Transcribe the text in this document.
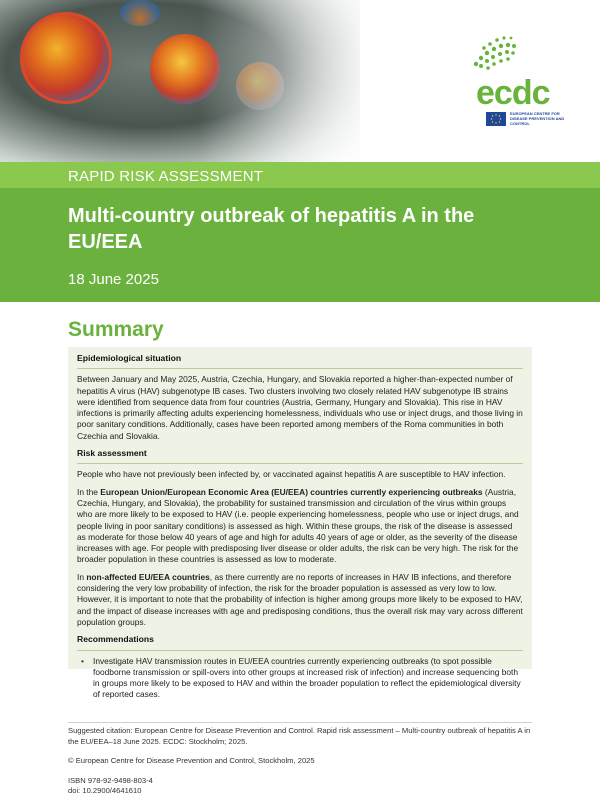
ecdc
EUROPEAN CENTRE FOR DISEASE PREVENTION AND CONTROL
RAPID RISK ASSESSMENT
Multi-country outbreak of hepatitis A in the EU/EEA
18 June 2025
Summary
Epidemiological situation

Between January and May 2025, Austria, Czechia, Hungary, and Slovakia reported a higher-than-expected number of hepatitis A virus (HAV) subgenotype IB cases. Two clusters involving two closely related HAV subgenotype IB strains were identified from sequence data from four countries (Austria, Germany, Hungary and Slovakia). This rise in HAV infections is primarily affecting adults experiencing homelessness, individuals who use or inject drugs, and those living in poor sanitary conditions. Additionally, cases have been reported among members of the Roma communities in both Czechia and Slovakia.

Risk assessment

People who have not previously been infected by, or vaccinated against hepatitis A are susceptible to HAV infection.

In the European Union/European Economic Area (EU/EEA) countries currently experiencing outbreaks (Austria, Czechia, Hungary, and Slovakia), the probability for sustained transmission and circulation of the virus within groups who are more likely to be exposed to HAV (i.e. people experiencing homelessness, people who use or inject drugs, and people living in poor sanitary conditions) is assessed as high. Within these groups, the risk of the disease is assessed as moderate for those below 40 years of age and high for adults 40 years of age or older, as the severity of the disease increases with age. For people with predisposing liver disease or older adults, the risk can be very high. The risk for the broader population in these countries is assessed as low to moderate.

In non-affected EU/EEA countries, as there currently are no reports of increases in HAV IB infections, and therefore considering the very low probability of infection, the risk for the broader population is assessed as very low to low. However, it is important to note that the probability of infection is higher among groups more likely to be exposed to HAV, and the impact of disease increases with age and predisposing conditions, thus the overall risk may vary across different population groups.

Recommendations
• Investigate HAV transmission routes in EU/EEA countries currently experiencing outbreaks (to spot possible foodborne transmission or spill-overs into other groups at increased risk of infection) and increase sequencing both in groups more likely to be exposed to HAV and within the broader population to reflect the epidemiological diversity of reported cases.
Suggested citation: European Centre for Disease Prevention and Control. Rapid risk assessment – Multi-country outbreak of hepatitis A in the EU/EEA–18 June 2025. ECDC: Stockholm; 2025.
© European Centre for Disease Prevention and Control, Stockholm, 2025
ISBN 978-92-9498-803-4
doi: 10.2900/4641610
